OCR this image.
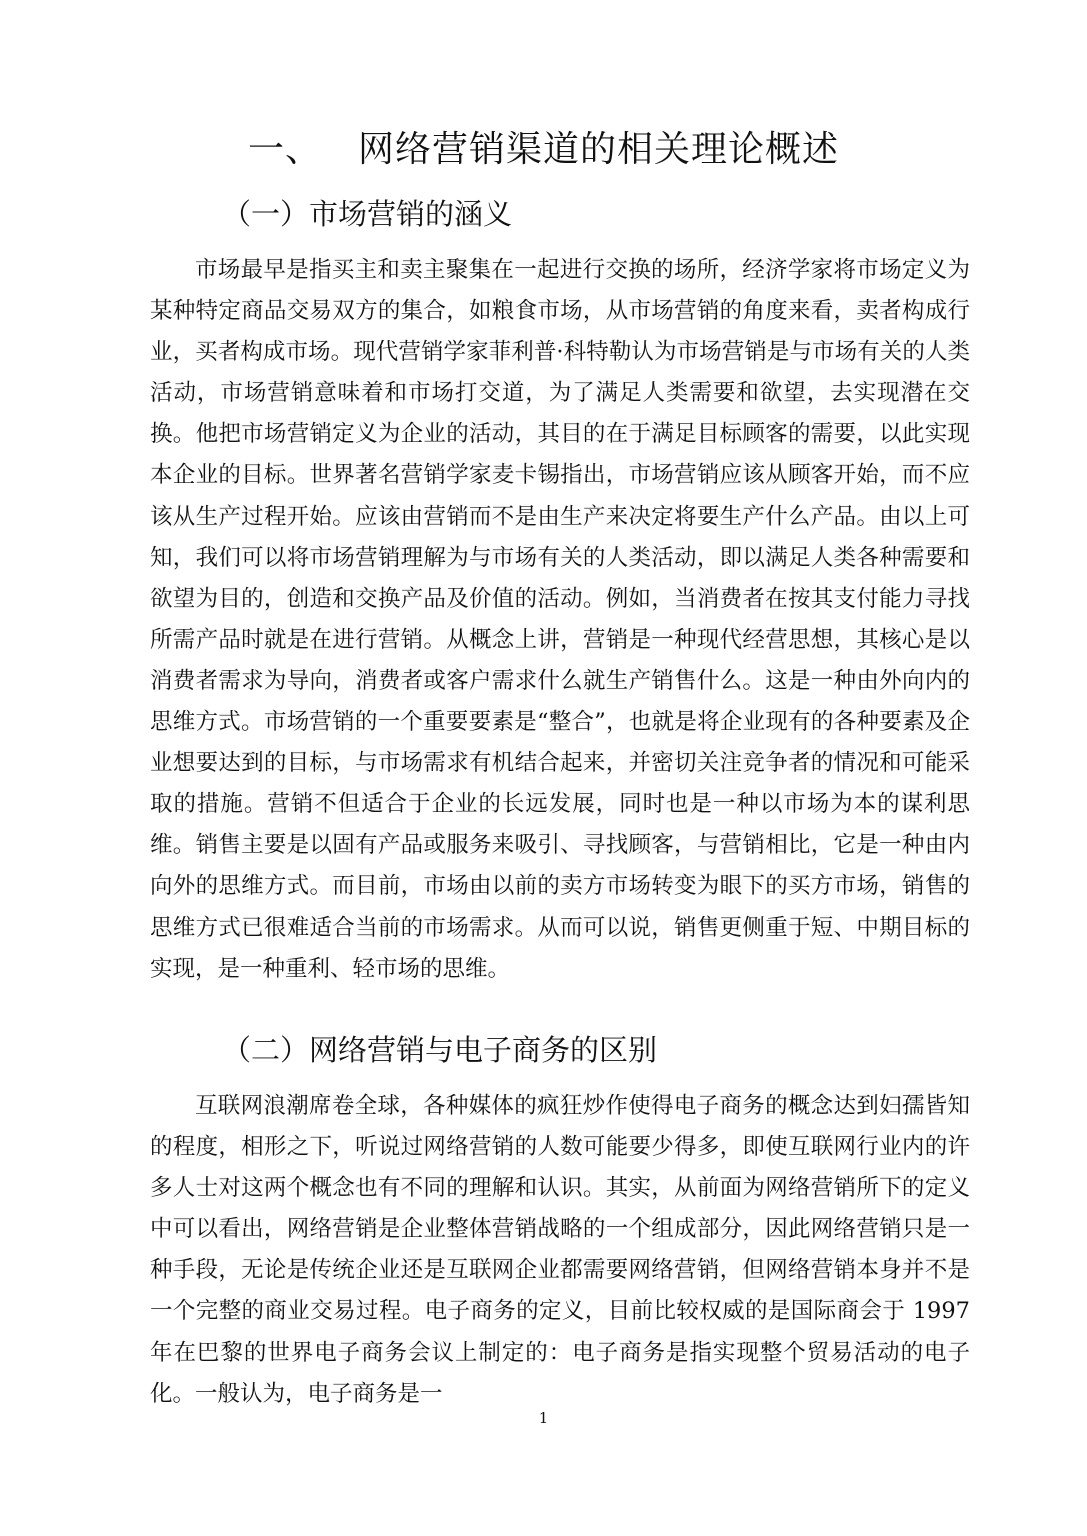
一、 网络营销渠道的相关理论概述
（一）市场营销的涵义

市场最早是指买主和卖主聚集在一起进行交换的场所，经济学家将市场定义为某种特定商品交易双方的集合，如粮食市场，从市场营销的角度来看，卖者构成行业，买者构成市场。现代营销学家菲利普·科特勒认为市场营销是与市场有关的人类活动，市场营销意味着和市场打交道，为了满足人类需要和欲望，去实现潜在交换。他把市场营销定义为企业的活动，其目的在于满足目标顾客的需要，以此实现本企业的目标。世界著名营销学家麦卡锡指出，市场营销应该从顾客开始，而不应该从生产过程开始。应该由营销而不是由生产来决定将要生产什么产品。由以上可知，我们可以将市场营销理解为与市场有关的人类活动，即以满足人类各种需要和欲望为目的，创造和交换产品及价值的活动。例如，当消费者在按其支付能力寻找所需产品时就是在进行营销。从概念上讲，营销是一种现代经营思想，其核心是以消费者需求为导向，消费者或客户需求什么就生产销售什么。这是一种由外向内的思维方式。市场营销的一个重要要素是“整合”，也就是将企业现有的各种要素及企业想要达到的目标，与市场需求有机结合起来，并密切关注竞争者的情况和可能采取的措施。营销不但适合于企业的长远发展，同时也是一种以市场为本的谋利思维。销售主要是以固有产品或服务来吸引、寻找顾客，与营销相比，它是一种由内向外的思维方式。而目前，市场由以前的卖方市场转变为眼下的买方市场，销售的思维方式已很难适合当前的市场需求。从而可以说，销售更侧重于短、中期目标的实现，是一种重利、轻市场的思维。

（二）网络营销与电子商务的区别

互联网浪潮席卷全球，各种媒体的疯狂炒作使得电子商务的概念达到妇孺皆知的程度，相形之下，听说过网络营销的人数可能要少得多，即使互联网行业内的许多人士对这两个概念也有不同的理解和认识。其实，从前面为网络营销所下的定义中可以看出，网络营销是企业整体营销战略的一个组成部分，因此网络营销只是一种手段，无论是传统企业还是互联网企业都需要网络营销，但网络营销本身并不是一个完整的商业交易过程。电子商务的定义，目前比较权威的是国际商会于 1997 年在巴黎的世界电子商务会议上制定的：电子商务是指实现整个贸易活动的电子化。一般认为，电子商务是一

1
